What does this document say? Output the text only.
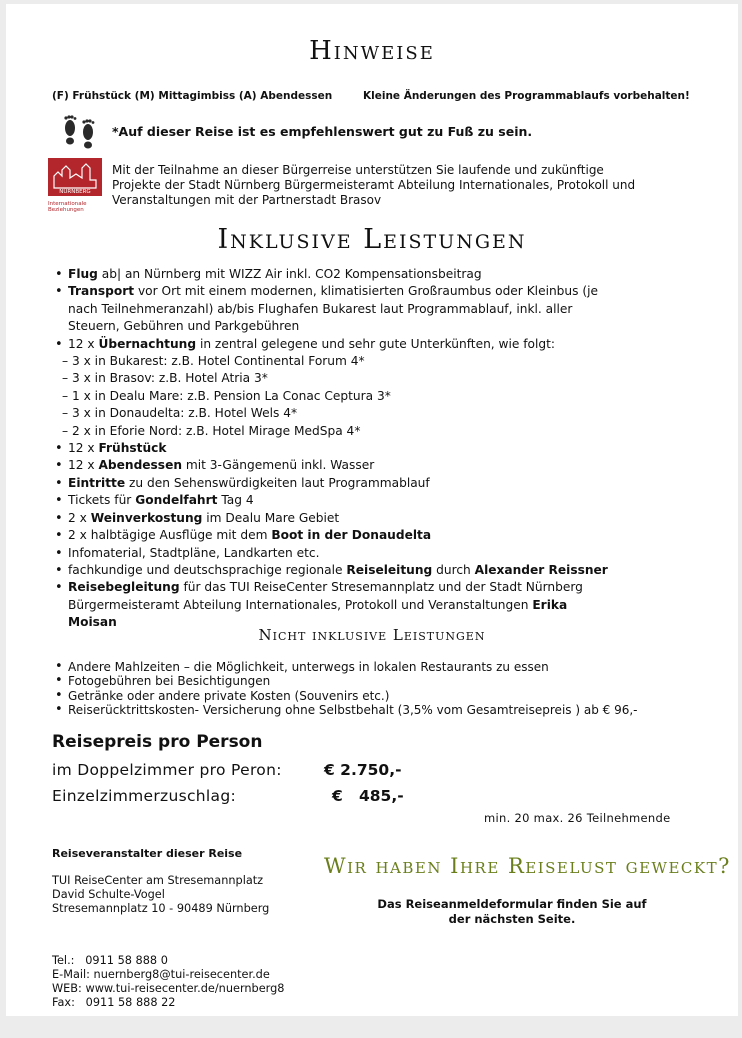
Hinweise
(F) Frühstück (M) Mittagimbiss (A) Abendessen	Kleine Änderungen des Programmablaufs vorbehalten!
*Auf dieser Reise ist es empfehlenswert gut zu Fuß zu sein.
NÜRNBERG
Internationale
Beziehungen
Mit der Teilnahme an dieser Bürgerreise unterstützen Sie laufende und zukünftige
Projekte der Stadt Nürnberg Bürgermeisteramt Abteilung Internationales, Protokoll und
Veranstaltungen mit der Partnerstadt Brasov
Inklusive Leistungen
• Flug ab| an Nürnberg mit WIZZ Air inkl. CO2 Kompensationsbeitrag
• Transport vor Ort mit einem modernen, klimatisierten Großraumbus oder Kleinbus (je
nach Teilnehmeranzahl) ab/bis Flughafen Bukarest laut Programmablauf, inkl. aller
Steuern, Gebühren und Parkgebühren
• 12 x Übernachtung in zentral gelegene und sehr gute Unterkünften, wie folgt:
– 3 x in Bukarest: z.B. Hotel Continental Forum 4*
– 3 x in Brasov: z.B. Hotel Atria 3*
– 1 x in Dealu Mare: z.B. Pension La Conac Ceptura 3*
– 3 x in Donaudelta: z.B. Hotel Wels 4*
– 2 x in Eforie Nord: z.B. Hotel Mirage MedSpa 4*
• 12 x Frühstück
• 12 x Abendessen mit 3-Gängemenü inkl. Wasser
• Eintritte zu den Sehenswürdigkeiten laut Programmablauf
• Tickets für Gondelfahrt Tag 4
• 2 x Weinverkostung im Dealu Mare Gebiet
• 2 x halbtägige Ausflüge mit dem Boot in der Donaudelta
• Infomaterial, Stadtpläne, Landkarten etc.
• fachkundige und deutschsprachige regionale Reiseleitung durch Alexander Reissner
• Reisebegleitung für das TUI ReiseCenter Stresemannplatz und der Stadt Nürnberg
Bürgermeisteramt Abteilung Internationales, Protokoll und Veranstaltungen Erika
Moisan
Nicht inklusive Leistungen
• Andere Mahlzeiten – die Möglichkeit, unterwegs in lokalen Restaurants zu essen
• Fotogebühren bei Besichtigungen
• Getränke oder andere private Kosten (Souvenirs etc.)
• Reiserücktrittskosten- Versicherung ohne Selbstbehalt (3,5% vom Gesamtreisepreis ) ab € 96,-
Reisepreis pro Person
im Doppelzimmer pro Peron:	€ 2.750,-
Einzelzimmerzuschlag:	€   485,-
min. 20 max. 26 Teilnehmende
Reiseveranstalter dieser Reise
TUI ReiseCenter am Stresemannplatz
David Schulte-Vogel
Stresemannplatz 10 - 90489 Nürnberg

Tel.:   0911 58 888 0

Fax:   0911 58 888 22

E-Mail: nuernberg8@tui-reisecenter.de
WEB: www.tui-reisecenter.de/nuernberg8
Wir haben Ihre Reiselust geweckt?
Das Reiseanmeldeformular finden Sie auf
der nächsten Seite.
